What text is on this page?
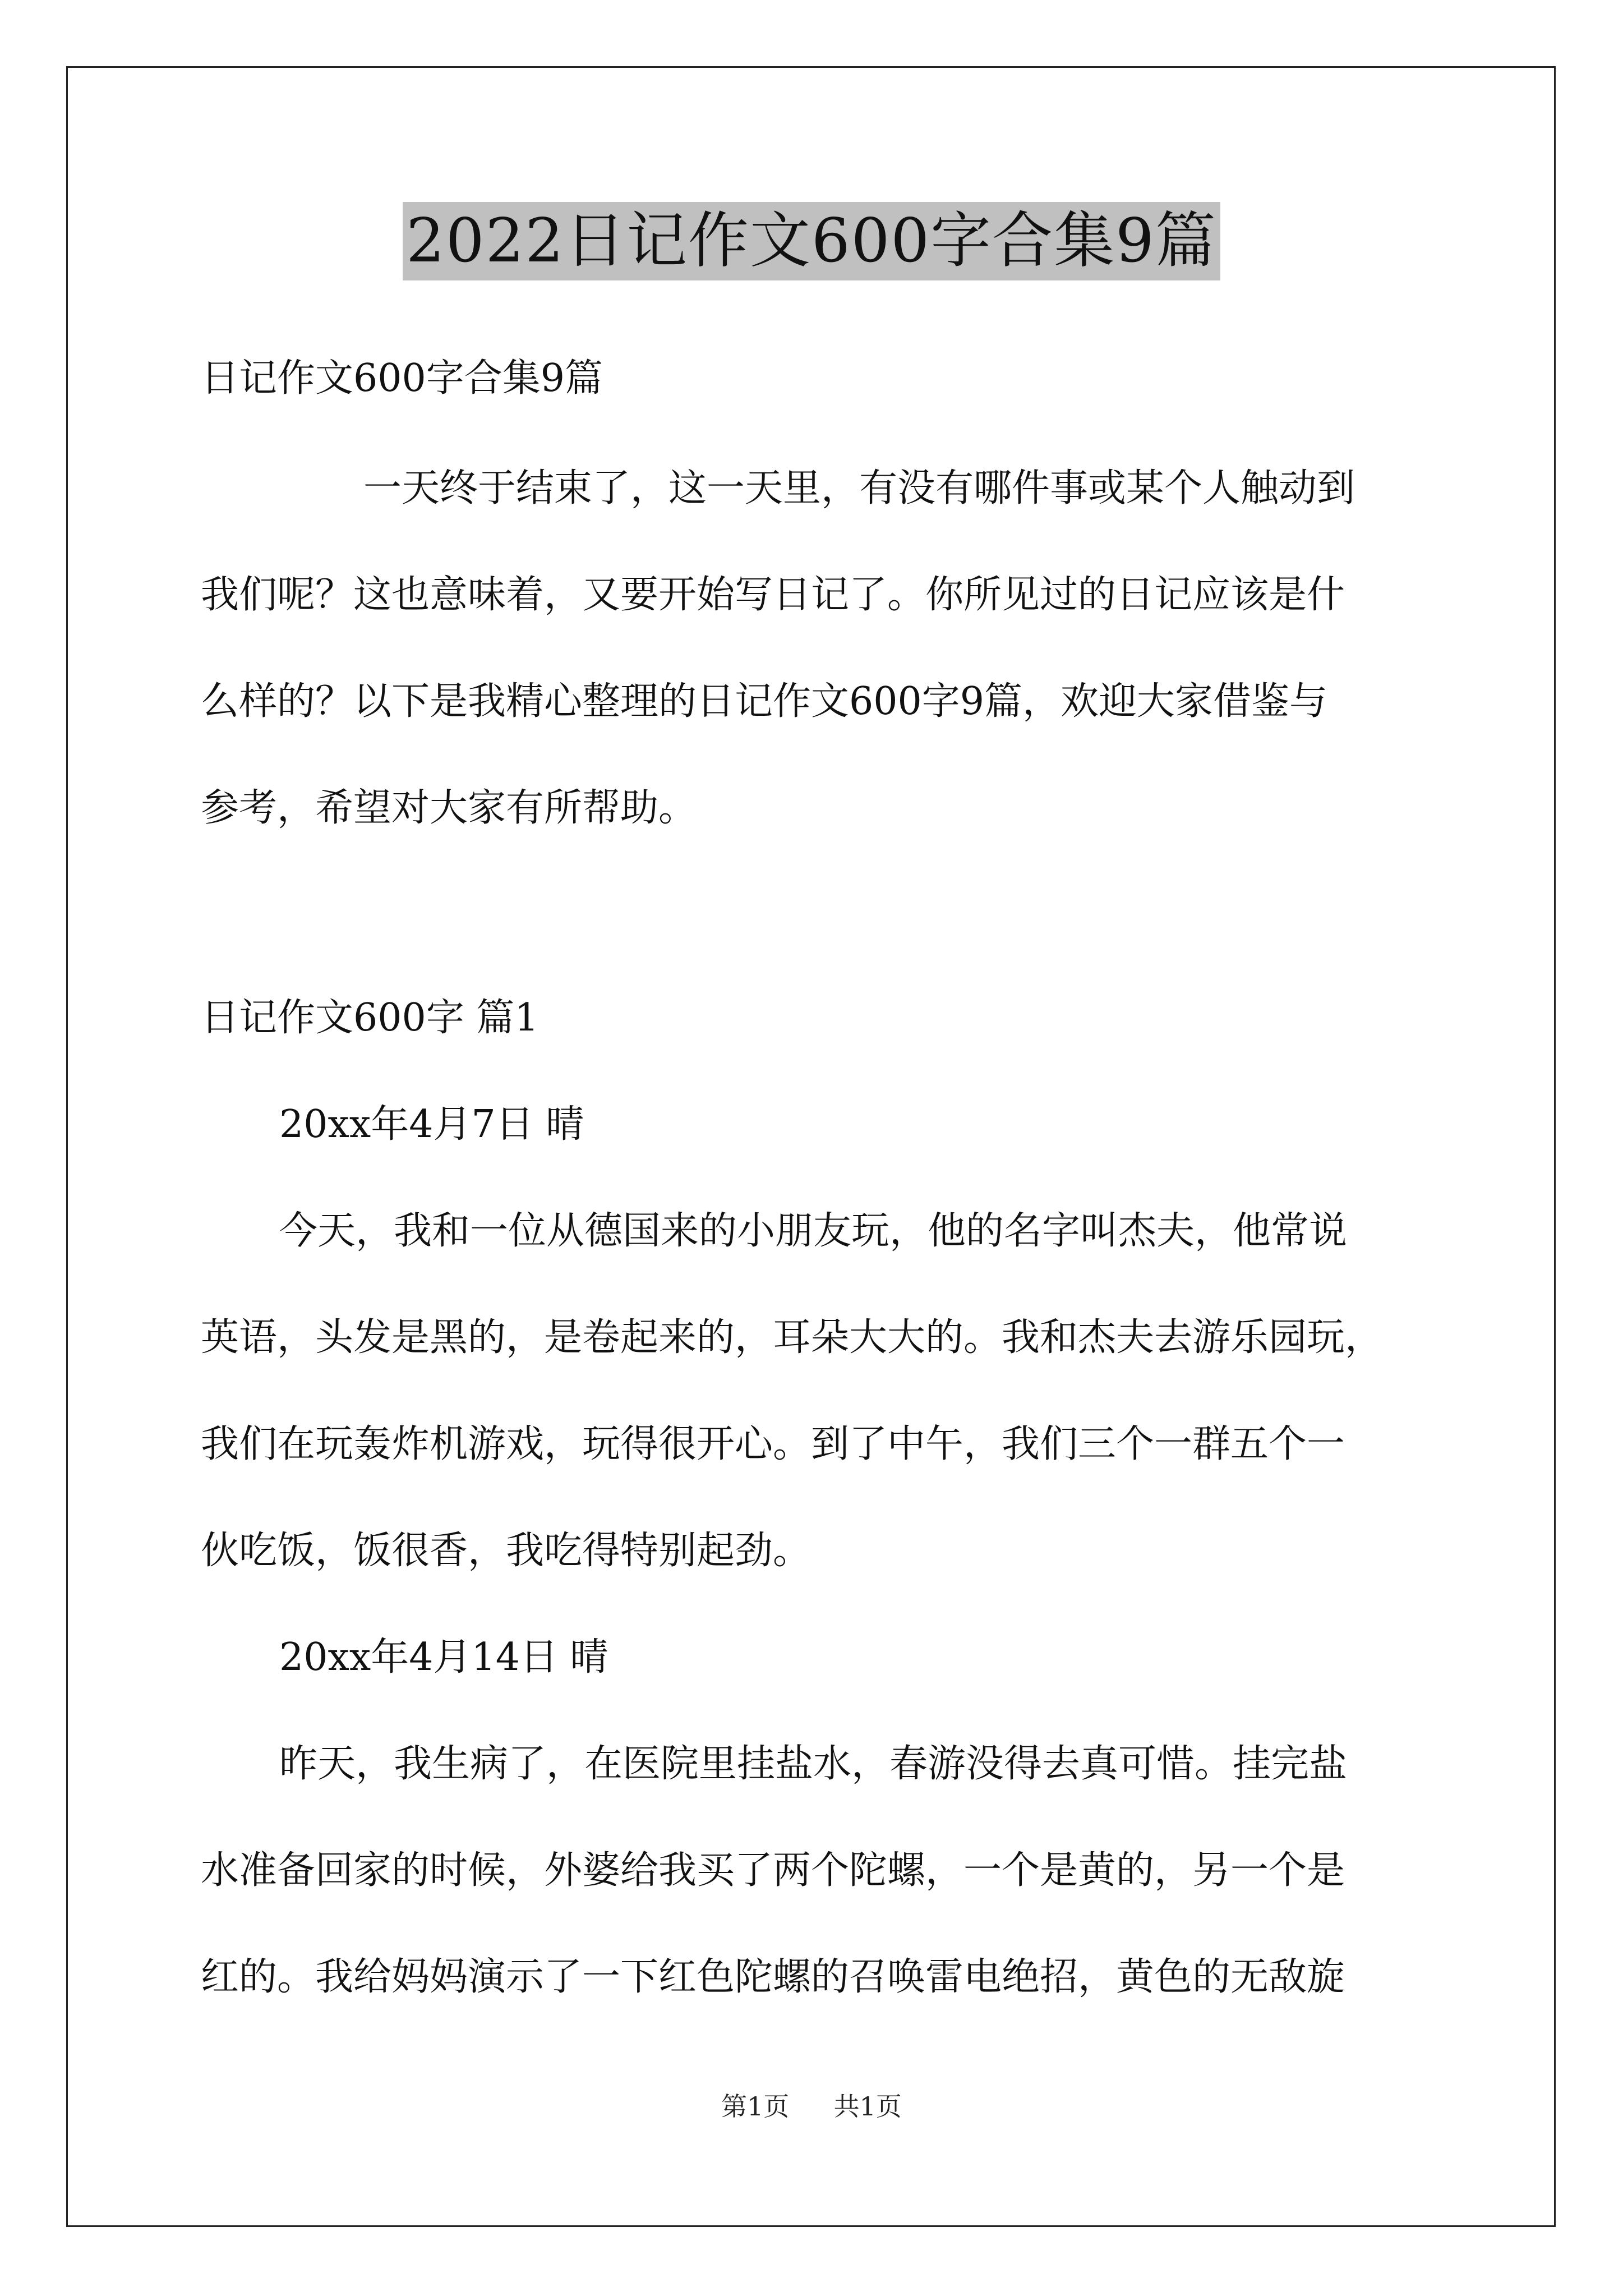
2022日记作文600字合集9篇
日记作文600字合集9篇
一天终于结束了，这一天里，有没有哪件事或某个人触动到
我们呢？这也意味着，又要开始写日记了。你所见过的日记应该是什
么样的？以下是我精心整理的日记作文600字9篇，欢迎大家借鉴与
参考，希望对大家有所帮助。
日记作文600字 篇1
20xx年4月7日 晴
今天，我和一位从德国来的小朋友玩，他的名字叫杰夫，他常说
英语，头发是黑的，是卷起来的，耳朵大大的。我和杰夫去游乐园玩，
我们在玩轰炸机游戏，玩得很开心。到了中午，我们三个一群五个一
伙吃饭，饭很香，我吃得特别起劲。
20xx年4月14日 晴
昨天，我生病了，在医院里挂盐水，春游没得去真可惜。挂完盐
水准备回家的时候，外婆给我买了两个陀螺，一个是黄的，另一个是
红的。我给妈妈演示了一下红色陀螺的召唤雷电绝招，黄色的无敌旋
第1页 共1页
